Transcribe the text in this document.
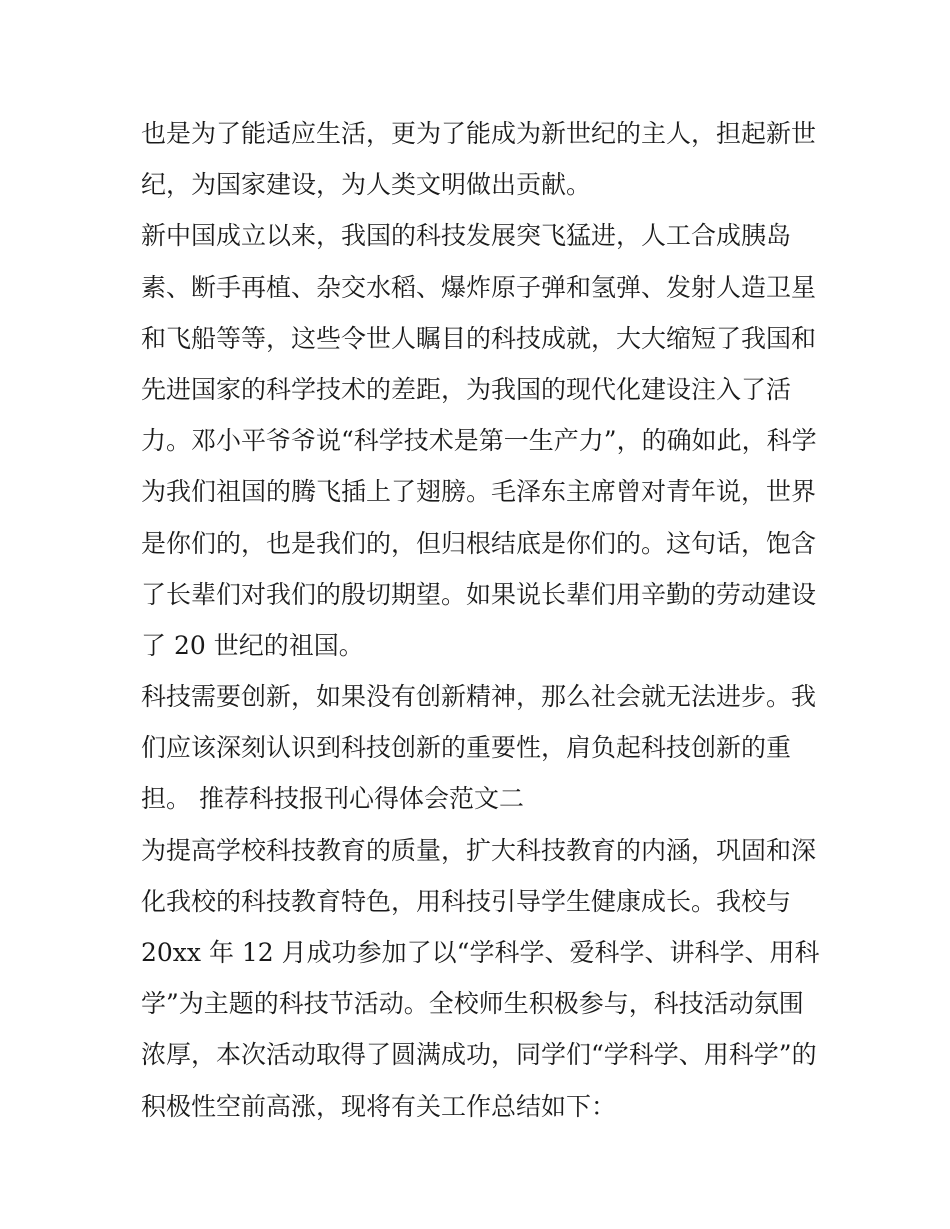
也是为了能适应生活，更为了能成为新世纪的主人，担起新世
纪，为国家建设，为人类文明做出贡献。
新中国成立以来，我国的科技发展突飞猛进，人工合成胰岛
素、断手再植、杂交水稻、爆炸原子弹和氢弹、发射人造卫星
和飞船等等，这些令世人瞩目的科技成就，大大缩短了我国和
先进国家的科学技术的差距，为我国的现代化建设注入了活
力。邓小平爷爷说“科学技术是第一生产力”，的确如此，科学
为我们祖国的腾飞插上了翅膀。毛泽东主席曾对青年说，世界
是你们的，也是我们的，但归根结底是你们的。这句话，饱含
了长辈们对我们的殷切期望。如果说长辈们用辛勤的劳动建设
了 20 世纪的祖国。
科技需要创新，如果没有创新精神，那么社会就无法进步。我
们应该深刻认识到科技创新的重要性，肩负起科技创新的重
担。 推荐科技报刊心得体会范文二
为提高学校科技教育的质量，扩大科技教育的内涵，巩固和深
化我校的科技教育特色，用科技引导学生健康成长。我校与
20xx 年 12 月成功参加了以“学科学、爱科学、讲科学、用科
学”为主题的科技节活动。全校师生积极参与，科技活动氛围
浓厚，本次活动取得了圆满成功，同学们“学科学、用科学”的
积极性空前高涨，现将有关工作总结如下：
